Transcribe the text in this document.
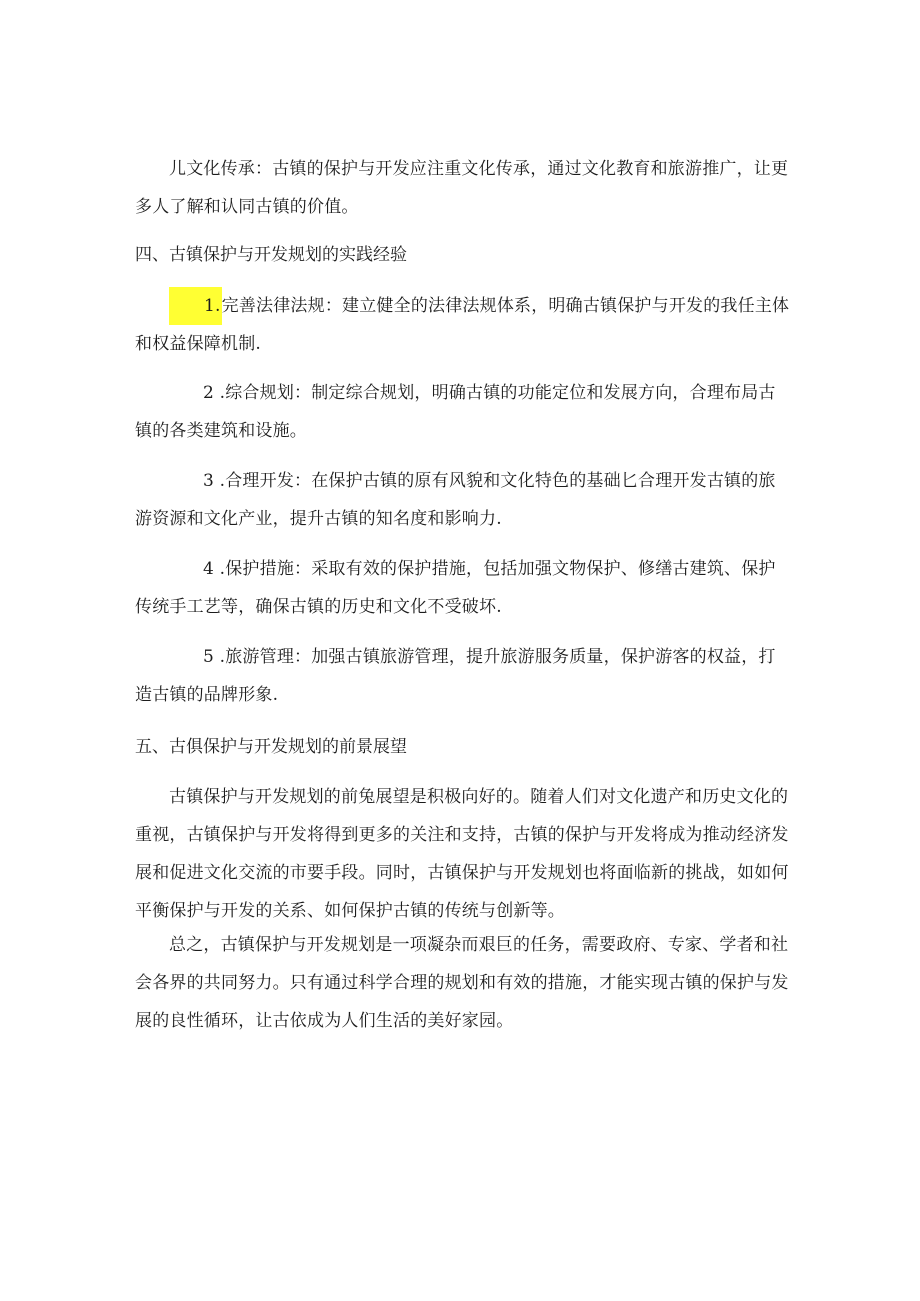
儿文化传承：古镇的保护与开发应注重文化传承，通过文化教育和旅游推广，让更多人了解和认同古镇的价值。
四、古镇保护与开发规划的实践经验
1.完善法律法规：建立健全的法律法规体系，明确古镇保护与开发的我任主体和权益保障机制.
2 .综合规划：制定综合规划，明确古镇的功能定位和发展方向，合理布局古镇的各类建筑和设施。
3 .合理开发：在保护古镇的原有风貌和文化特色的基础匕合理开发古镇的旅游资源和文化产业，提升古镇的知名度和影响力.
4 .保护措施：采取有效的保护措施，包括加强文物保护、修缮古建筑、保护传统手工艺等，确保古镇的历史和文化不受破坏.
5 .旅游管理：加强古镇旅游管理，提升旅游服务质量，保护游客的权益，打造古镇的品牌形象.
五、古俱保护与开发规划的前景展望
古镇保护与开发规划的前兔展望是积极向好的。随着人们对文化遗产和历史文化的重视，古镇保护与开发将得到更多的关注和支持，古镇的保护与开发将成为推动经济发展和促进文化交流的市要手段。同时，古镇保护与开发规划也将面临新的挑战，如如何平衡保护与开发的关系、如何保护古镇的传统与创新等。
总之，古镇保护与开发规划是一项凝杂而艰巨的任务，需要政府、专家、学者和社会各界的共同努力。只有通过科学合理的规划和有效的措施，才能实现古镇的保护与发展的良性循环，让古依成为人们生活的美好家园。
